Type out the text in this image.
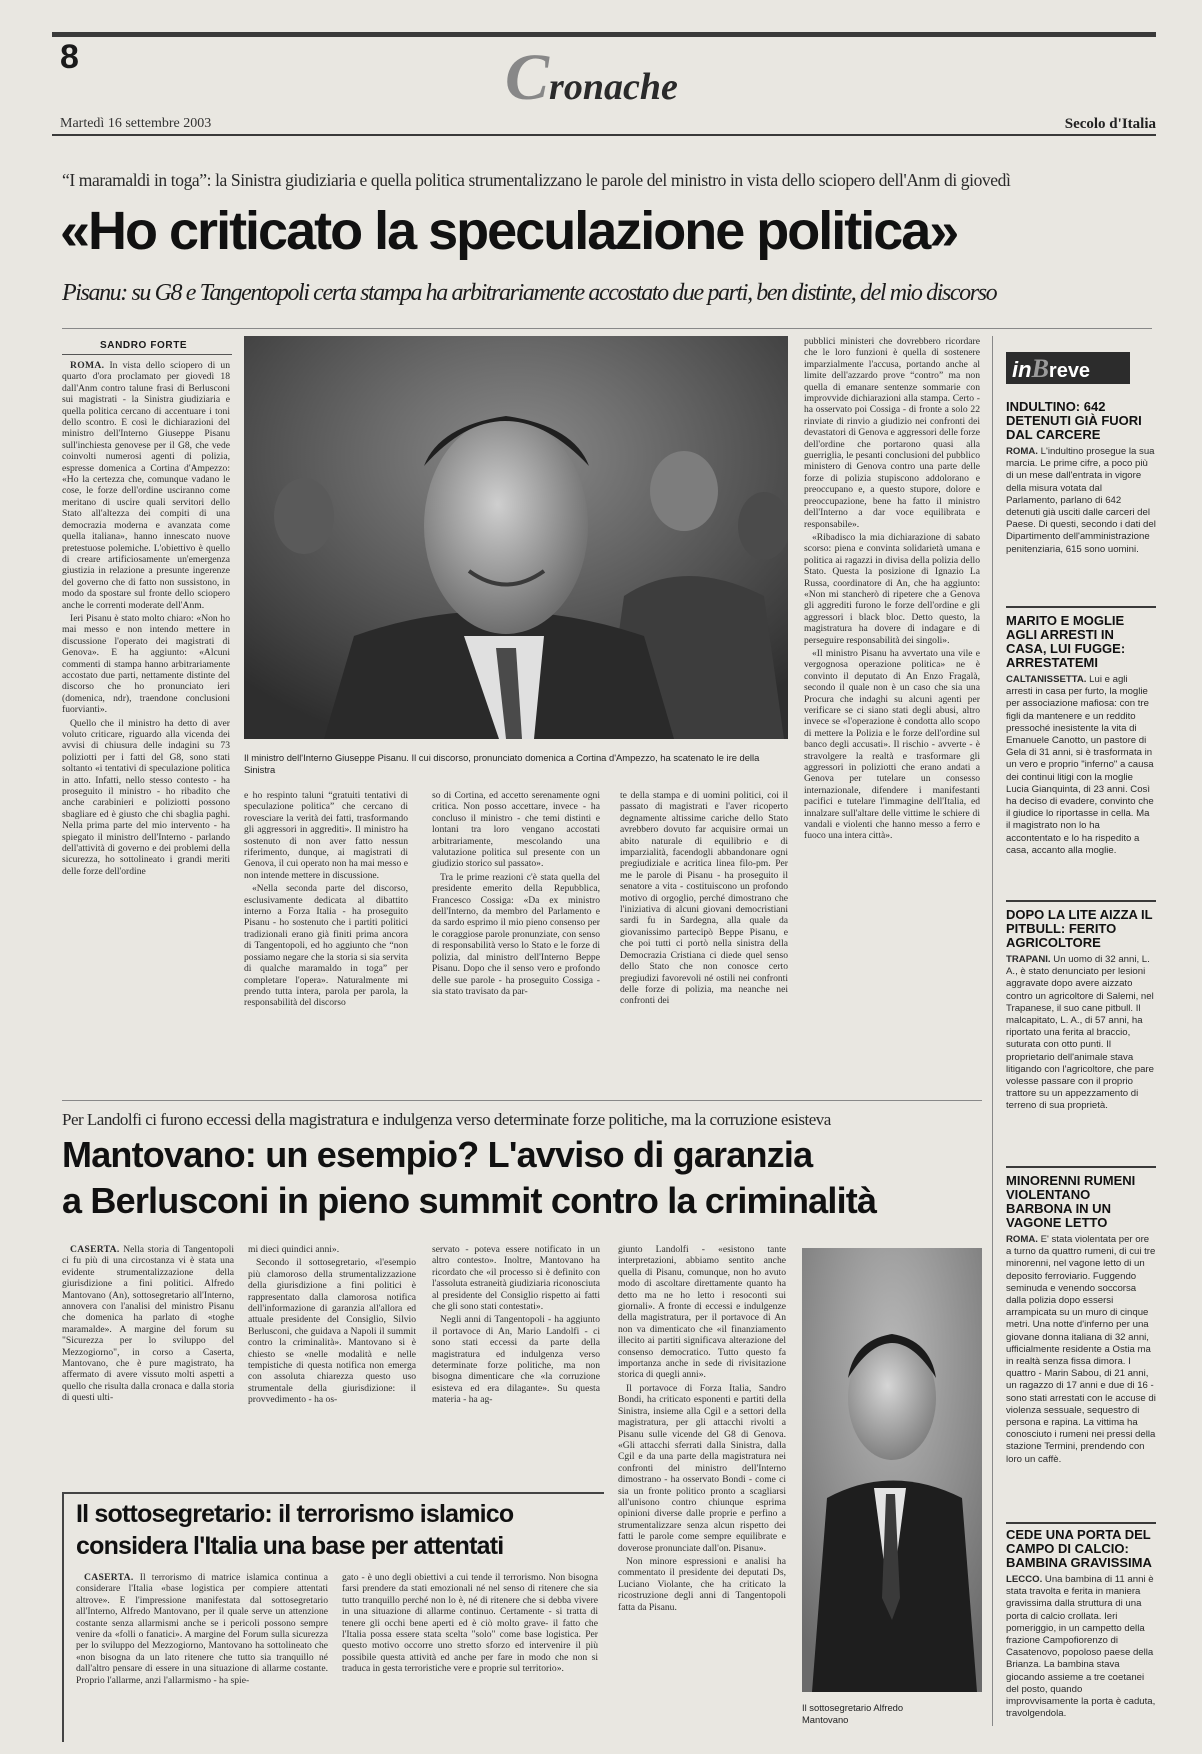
8	Cronache
Martedì 16 settembre 2003	Secolo d'Italia
“I maramaldi in toga”: la Sinistra giudiziaria e quella politica strumentalizzano le parole del ministro in vista dello sciopero dell'Anm di giovedì
«Ho criticato la speculazione politica»
Pisanu: su G8 e Tangentopoli certa stampa ha arbitrariamente accostato due parti, ben distinte, del mio discorso
SANDRO FORTE

ROMA. In vista dello sciopero di un quarto d'ora proclamato per giovedì 18 dall'Anm contro talune frasi di Berlusconi sui magistrati - la Sinistra giudiziaria e quella politica cercano di accentuare i toni dello scontro. E così le dichiarazioni del ministro dell'Interno Giuseppe Pisanu sull'inchiesta genovese per il G8, che vede coinvolti numerosi agenti di polizia, espresse domenica a Cortina d'Ampezzo: «Ho la certezza che, comunque vadano le cose, le forze dell'ordine usciranno come meritano di uscire quali servitori dello Stato all'altezza dei compiti di una democrazia moderna e avanzata come quella italiana», hanno innescato nuove pretestuose polemiche. L'obiettivo è quello di creare artificiosamente un'emergenza giustizia in relazione a presunte ingerenze del governo che di fatto non sussistono, in modo da spostare sul fronte dello sciopero anche le correnti moderate dell'Anm.

Ieri Pisanu è stato molto chiaro: «Non ho mai messo e non intendo mettere in discussione l'operato dei magistrati di Genova». E ha aggiunto: «Alcuni commenti di stampa hanno arbitrariamente accostato due parti, nettamente distinte del discorso che ho pronunciato ieri (domenica, ndr), traendone conclusioni fuorvianti».

Quello che il ministro ha detto di aver voluto criticare, riguardo alla vicenda dei avvisi di chiusura delle indagini su 73 poliziotti per i fatti del G8, sono stati soltanto «i tentativi di speculazione politica in atto. Infatti, nello stesso contesto - ha proseguito il ministro - ho ribadito che anche carabinieri e poliziotti possono sbagliare ed è giusto che chi sbaglia paghi. Nella prima parte del mio intervento - ha spiegato il ministro dell'Interno - parlando dell'attività di governo e dei problemi della sicurezza, ho sottolineato i grandi meriti delle forze dell'ordine

Il ministro dell'Interno Giuseppe Pisanu. Il cui discorso, pronunciato domenica a Cortina d'Ampezzo, ha scatenato le ire della Sinistra

e ho respinto taluni “gratuiti tentativi di speculazione politica” che cercano di rovesciare la verità dei fatti, trasformando gli aggressori in aggrediti». Il ministro ha sostenuto di non aver fatto nessun riferimento, dunque, ai magistrati di Genova, il cui operato non ha mai messo e non intende mettere in discussione.

«Nella seconda parte del discorso, esclusivamente dedicata al dibattito interno a Forza Italia - ha proseguito Pisanu - ho sostenuto che i partiti politici tradizionali erano già finiti prima ancora di Tangentopoli, ed ho aggiunto che “non possiamo negare che la storia si sia servita di qualche maramaldo in toga” per completare l'opera». Naturalmente mi prendo tutta intera, parola per parola, la responsabilità del discorso

so di Cortina, ed accetto serenamente ogni critica. Non posso accettare, invece - ha concluso il ministro - che temi distinti e lontani tra loro vengano accostati arbitrariamente, mescolando una valutazione politica sul presente con un giudizio storico sul passato».

Tra le prime reazioni c'è stata quella del presidente emerito della Repubblica, Francesco Cossiga: «Da ex ministro dell'Interno, da membro del Parlamento e da sardo esprimo il mio pieno consenso per le coraggiose parole pronunziate, con senso di responsabilità verso lo Stato e le forze di polizia, dal ministro dell'Interno Beppe Pisanu. Dopo che il senso vero e profondo delle sue parole - ha proseguito Cossiga - sia stato travisato da par-

te della stampa e di uomini politici, coi il passato di magistrati e l'aver ricoperto degnamente altissime cariche dello Stato avrebbero dovuto far acquisire ormai un abito naturale di equilibrio e di imparzialità, facendogli abbandonare ogni pregiudiziale e acritica linea filo-pm. Per me le parole di Pisanu - ha proseguito il senatore a vita - costituiscono un profondo motivo di orgoglio, perché dimostrano che l'iniziativa di alcuni giovani democristiani sardi fu in Sardegna, alla quale da giovanissimo partecipò Beppe Pisanu, e che poi tutti ci portò nella sinistra della Democrazia Cristiana ci diede quel senso dello Stato che non conosce certo pregiudizi favorevoli né ostili nei confronti delle forze di polizia, ma neanche nei confronti dei

pubblici ministeri che dovrebbero ricordare che le loro funzioni è quella di sostenere imparzialmente l'accusa, portando anche al limite dell'azzardo prove “contro” ma non quella di emanare sentenze sommarie con improvvide dichiarazioni alla stampa. Certo - ha osservato poi Cossiga - di fronte a solo 22 rinviate di rinvio a giudizio nei confronti dei devastatori di Genova e aggressori delle forze dell'ordine che portarono quasi alla guerriglia, le pesanti conclusioni del pubblico ministero di Genova contro una parte delle forze di polizia stupiscono addolorano e preoccupano e, a questo stupore, dolore e preoccupazione, bene ha fatto il ministro dell'Interno a dar voce equilibrata e responsabile».

«Ribadisco la mia dichiarazione di sabato scorso: piena e convinta solidarietà umana e politica ai ragazzi in divisa della polizia dello Stato. Questa la posizione di Ignazio La Russa, coordinatore di An, che ha aggiunto: «Non mi stancherò di ripetere che a Genova gli aggrediti furono le forze dell'ordine e gli aggressori i black bloc. Detto questo, la magistratura ha dovere di indagare e di perseguire responsabilità dei singoli».

«Il ministro Pisanu ha avvertato una vile e vergognosa operazione politica» ne è convinto il deputato di An Enzo Fragalà, secondo il quale non è un caso che sia una Procura che indaghi su alcuni agenti per verificare se ci siano stati degli abusi, altro invece se «l'operazione è condotta allo scopo di mettere la Polizia e le forze dell'ordine sul banco degli accusati». Il rischio - avverte - è stravolgere la realtà e trasformare gli aggressori in poliziotti che erano andati a Genova per tutelare un consesso internazionale, difendere i manifestanti pacifici e tutelare l'immagine dell'Italia, ed innalzare sull'altare delle vittime le schiere di vandali e violenti che hanno messo a ferro e fuoco una intera città».

inBreve
INDULTINO: 642 DETENUTI GIÀ FUORI DAL CARCERE
ROMA. L'indultino prosegue la sua marcia. Le prime cifre, a poco più di un mese dall'entrata in vigore della misura votata dal Parlamento, parlano di 642 detenuti già usciti dalle carceri del Paese. Di questi, secondo i dati del Dipartimento dell'amministrazione penitenziaria, 615 sono uomini.
MARITO E MOGLIE AGLI ARRESTI IN CASA, LUI FUGGE: ARRESTATEMI
CALTANISSETTA. Lui e agli arresti in casa per furto, la moglie per associazione mafiosa: con tre figli da mantenere e un reddito pressoché inesistente la vita di Emanuele Canotto, un pastore di Gela di 31 anni, si è trasformata in un vero e proprio "inferno" a causa dei continui litigi con la moglie Lucia Gianquinta, di 23 anni. Così ha deciso di evadere, convinto che il giudice lo riportasse in cella. Ma il magistrato non lo ha accontentato e lo ha rispedito a casa, accanto alla moglie.
DOPO LA LITE AIZZA IL PITBULL: FERITO AGRICOLTORE
TRAPANI. Un uomo di 32 anni, L. A., è stato denunciato per lesioni aggravate dopo avere aizzato contro un agricoltore di Salemi, nel Trapanese, il suo cane pitbull. Il malcapitato, L. A., di 57 anni, ha riportato una ferita al braccio, suturata con otto punti. Il proprietario dell'animale stava litigando con l'agricoltore, che pare volesse passare con il proprio trattore su un appezzamento di terreno di sua proprietà.
MINORENNI RUMENI VIOLENTANO BARBONA IN UN VAGONE LETTO
ROMA. E' stata violentata per ore a turno da quattro rumeni, di cui tre minorenni, nel vagone letto di un deposito ferroviario. Fuggendo seminuda e venendo soccorsa dalla polizia dopo essersi arrampicata su un muro di cinque metri. Una notte d'inferno per una giovane donna italiana di 32 anni, ufficialmente residente a Ostia ma in realtà senza fissa dimora. I quattro - Marin Sabou, di 21 anni, un ragazzo di 17 anni e due di 16 - sono stati arrestati con le accuse di violenza sessuale, sequestro di persona e rapina. La vittima ha conosciuto i rumeni nei pressi della stazione Termini, prendendo con loro un caffè.
CEDE UNA PORTA DEL CAMPO DI CALCIO: BAMBINA GRAVISSIMA
LECCO. Una bambina di 11 anni è stata travolta e ferita in maniera gravissima dalla struttura di una porta di calcio crollata. Ieri pomeriggio, in un campetto della frazione Campofiorenzo di Casatenovo, popoloso paese della Brianza. La bambina stava giocando assieme a tre coetanei del posto, quando improvvisamente la porta è caduta, travolgendola.
Per Landolfi ci furono eccessi della magistratura e indulgenza verso determinate forze politiche, ma la corruzione esisteva
Mantovano: un esempio? L'avviso di garanzia
a Berlusconi in pieno summit contro la criminalità

CASERTA. Nella storia di Tangentopoli ci fu più di una circostanza vi è stata una evidente strumentalizzazione della giurisdizione a fini politici. Alfredo Mantovano (An), sottosegretario all'Interno, annovera con l'analisi del ministro Pisanu che domenica ha parlato di «toghe maramalde». A margine del forum su "Sicurezza per lo sviluppo del Mezzogiorno", in corso a Caserta, Mantovano, che è pure magistrato, ha affermato di avere vissuto molti aspetti a quello che risulta dalla cronaca e dalla storia di questi ulti-

mi dieci quindici anni».

Secondo il sottosegretario, «l'esempio più clamoroso della strumentalizzazione della giurisdizione a fini politici è rappresentato dalla clamorosa notifica dell'informazione di garanzia all'allora ed attuale presidente del Consiglio, Silvio Berlusconi, che guidava a Napoli il summit contro la criminalità». Mantovano si è chiesto se «nelle modalità e nelle tempistiche di questa notifica non emerga con assoluta chiarezza questo uso strumentale della giurisdizione: il provvedimento - ha os-

servato - poteva essere notificato in un altro contesto». Inoltre, Mantovano ha ricordato che «il processo si è definito con l'assoluta estraneità giudiziaria riconosciuta al presidente del Consiglio rispetto ai fatti che gli sono stati contestati».

Negli anni di Tangentopoli - ha aggiunto il portavoce di An, Mario Landolfi - ci sono stati eccessi da parte della magistratura ed indulgenza verso determinate forze politiche, ma non bisogna dimenticare che «la corruzione esisteva ed era dilagante». Su questa materia - ha ag-

giunto Landolfi - «esistono tante interpretazioni, abbiamo sentito anche quella di Pisanu, comunque, non ho avuto modo di ascoltare direttamente quanto ha detto ma ne ho letto i resoconti sui giornali». A fronte di eccessi e indulgenze della magistratura, per il portavoce di An non va dimenticato che «il finanziamento illecito ai partiti significava alterazione del consenso democratico. Tutto questo fa importanza anche in sede di rivisitazione storica di quegli anni».

Il portavoce di Forza Italia, Sandro Bondi, ha criticato esponenti e partiti della Sinistra, insieme alla Cgil e a settori della magistratura, per gli attacchi rivolti a Pisanu sulle vicende del G8 di Genova. «Gli attacchi sferrati dalla Sinistra, dalla Cgil e da una parte della magistratura nei confronti del ministro dell'Interno dimostrano - ha osservato Bondi - come ci sia un fronte politico pronto a scagliarsi all'unisono contro chiunque esprima opinioni diverse dalle proprie e perfino a strumentalizzare senza alcun rispetto dei fatti le parole come sempre equilibrate e doverose pronunciate dall'on. Pisanu».

Non minore espressioni e analisi ha commentato il presidente dei deputati Ds, Luciano Violante, che ha criticato la ricostruzione degli anni di Tangentopoli fatta da Pisanu.

Il sottosegretario Alfredo Mantovano
Il sottosegretario: il terrorismo islamico
considera l'Italia una base per attentati

CASERTA. Il terrorismo di matrice islamica continua a considerare l'Italia «base logistica per compiere attentati altrove». E l'impressione manifestata dal sottosegretario all'Interno, Alfredo Mantovano, per il quale serve un attenzione costante senza allarmismi anche se i pericoli possono sempre venire da «folli o fanatici». A margine del Forum sulla sicurezza per lo sviluppo del Mezzogiorno, Mantovano ha sottolineato che «non bisogna da un lato ritenere che tutto sia tranquillo né dall'altro pensare di essere in una situazione di allarme costante. Proprio l'allarme, anzi l'allarmismo - ha spie-

gato - è uno degli obiettivi a cui tende il terrorismo. Non bisogna farsi prendere da stati emozionali né nel senso di ritenere che sia tutto tranquillo perché non lo è, né di ritenere che si debba vivere in una situazione di allarme continuo. Certamente - si tratta di tenere gli occhi bene aperti ed è ciò molto grave- il fatto che l'Italia possa essere stata scelta "solo" come base logistica. Per questo motivo occorre uno stretto sforzo ed intervenire il più possibile questa attività ed anche per fare in modo che non si traduca in gesta terroristiche vere e proprie sul territorio».
